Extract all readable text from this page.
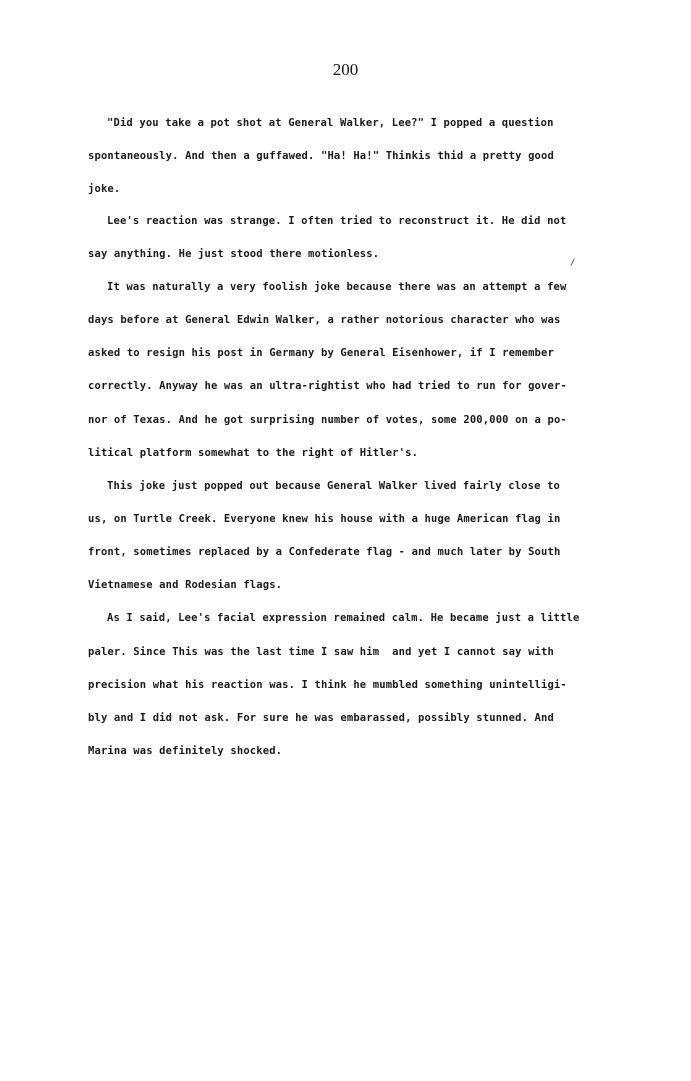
200

"Did you take a pot shot at General Walker, Lee?" I popped a question

spontaneously. And then a guffawed. "Ha! Ha!" Thinkis thid a pretty good

joke.

Lee's reaction was strange. I often tried to reconstruct it. He did not

say anything. He just stood there motionless.

It was naturally a very foolish joke because there was an attempt a few

days before at General Edwin Walker, a rather notorious character who was

asked to resign his post in Germany by General Eisenhower, if I remember

correctly. Anyway he was an ultra-rightist who had tried to run for gover-

nor of Texas. And he got surprising number of votes, some 200,000 on a po-

litical platform somewhat to the right of Hitler's.

This joke just popped out because General Walker lived fairly close to

us, on Turtle Creek. Everyone knew his house with a huge American flag in

front, sometimes replaced by a Confederate flag - and much later by South

Vietnamese and Rodesian flags.

As I said, Lee's facial expression remained calm. He became just a little

paler. Since This was the last time I saw him  and yet I cannot say with

precision what his reaction was. I think he mumbled something unintelligi-

bly and I did not ask. For sure he was embarassed, possibly stunned. And

Marina was definitely shocked.

/
